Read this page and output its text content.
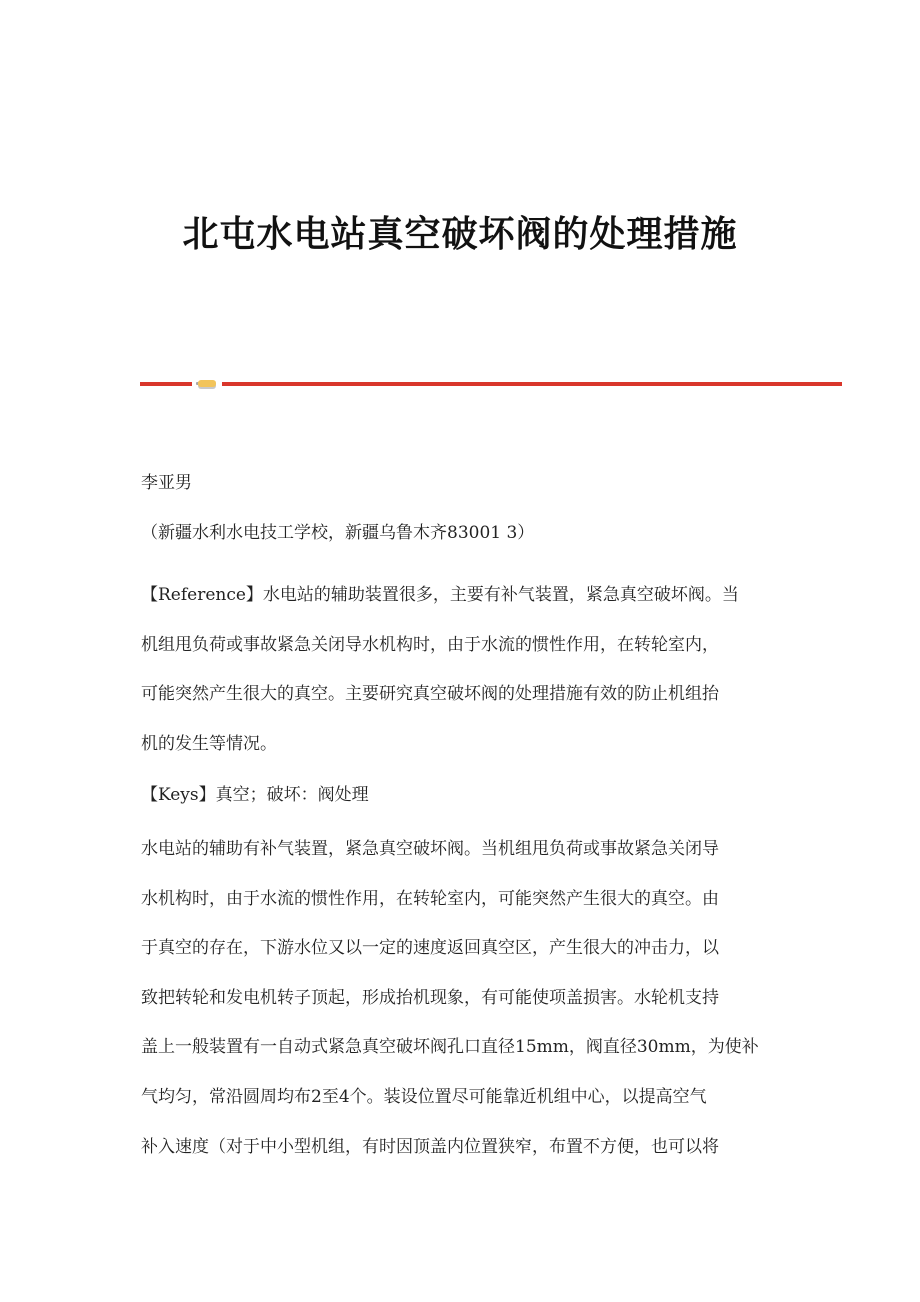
北屯水电站真空破坏阀的处理措施
李亚男
（新疆水利水电技工学校，新疆乌鲁木齐83001 3）
【Reference】水电站的辅助装置很多，主要有补气装置，紧急真空破坏阀。当
机组甩负荷或事故紧急关闭导水机构时，由于水流的惯性作用，在转轮室内，
可能突然产生很大的真空。主要研究真空破坏阀的处理措施有效的防止机组抬
机的发生等情况。
【Keys】真空；破坏：阀处理
水电站的辅助有补气装置，紧急真空破坏阀。当机组甩负荷或事故紧急关闭导
水机构时，由于水流的惯性作用，在转轮室内，可能突然产生很大的真空。由
于真空的存在，下游水位又以一定的速度返回真空区，产生很大的冲击力，以
致把转轮和发电机转子顶起，形成抬机现象，有可能使项盖损害。水轮机支持
盖上一般装置有一自动式紧急真空破坏阀孔口直径15mm，阀直径30mm，为使补
气均匀，常沿圆周均布2至4个。装设位置尽可能靠近机组中心，以提高空气
补入速度（对于中小型机组，有时因顶盖内位置狭窄，布置不方便，也可以将
